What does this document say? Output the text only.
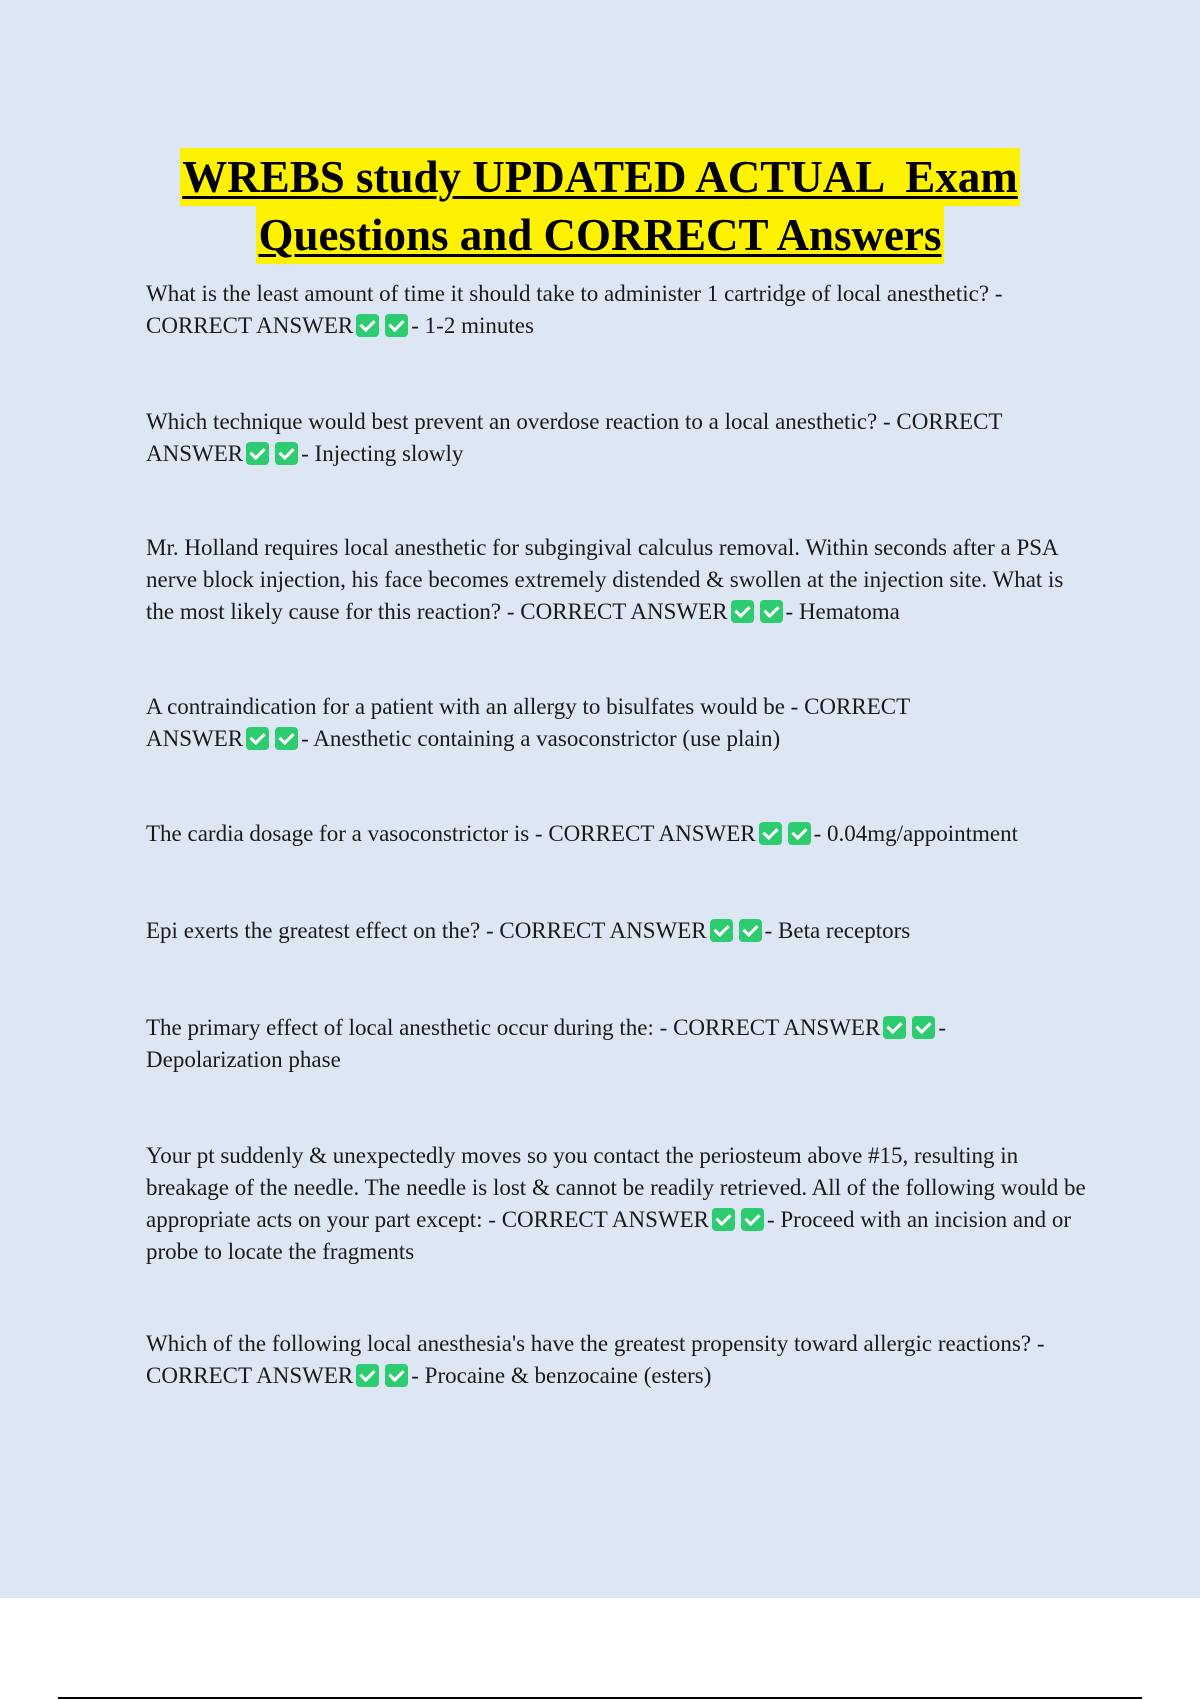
WREBS study UPDATED ACTUAL  Exam
Questions and CORRECT Answers
What is the least amount of time it should take to administer 1 cartridge of local anesthetic? -
CORRECT ANSWER	- 1-2 minutes
Which technique would best prevent an overdose reaction to a local anesthetic? - CORRECT
ANSWER	- Injecting slowly
Mr. Holland requires local anesthetic for subgingival calculus removal. Within seconds after a PSA nerve block injection, his face becomes extremely distended & swollen at the injection site. What is the most likely cause for this reaction? - CORRECT ANSWER	- Hematoma
A contraindication for a patient with an allergy to bisulfates would be - CORRECT
ANSWER	- Anesthetic containing a vasoconstrictor (use plain)
The cardia dosage for a vasoconstrictor is - CORRECT ANSWER	- 0.04mg/appointment
Epi exerts the greatest effect on the? - CORRECT ANSWER	- Beta receptors
The primary effect of local anesthetic occur during the: - CORRECT ANSWER	- Depolarization phase
Your pt suddenly & unexpectedly moves so you contact the periosteum above #15, resulting in breakage of the needle. The needle is lost & cannot be readily retrieved. All of the following would be appropriate acts on your part except: - CORRECT ANSWER	- Proceed with an incision and or probe to locate the fragments
Which of the following local anesthesia's have the greatest propensity toward allergic reactions? -
CORRECT ANSWER	- Procaine & benzocaine (esters)
